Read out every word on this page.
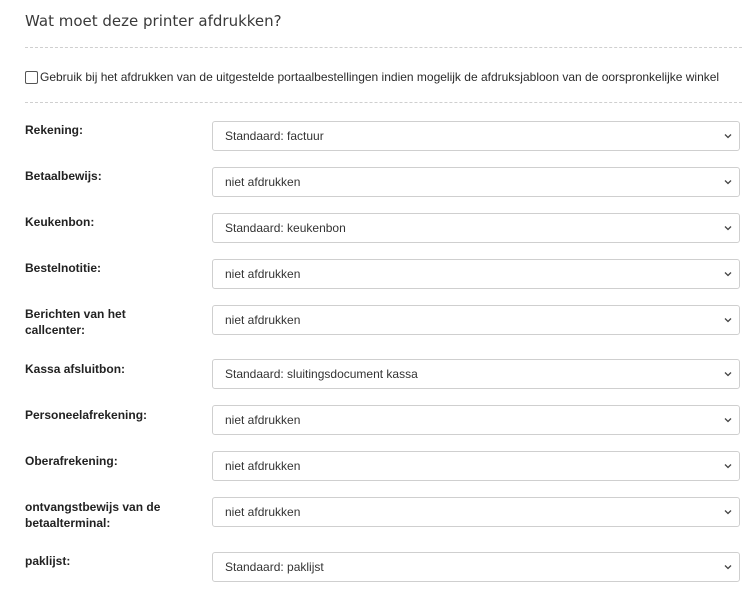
Wat moet deze printer afdrukken?
Gebruik bij het afdrukken van de uitgestelde portaalbestellingen indien mogelijk de afdruksjabloon van de oorspronkelijke winkel
Rekening:	Standaard: factuur
Betaalbewijs:	niet afdrukken
Keukenbon:	Standaard: keukenbon
Bestelnotitie:	niet afdrukken
Berichten van het callcenter:
niet afdrukken
Kassa afsluitbon:	Standaard: sluitingsdocument kassa
Personeelafrekening:	niet afdrukken
Oberafrekening:	niet afdrukken
ontvangstbewijs van de betaalterminal:
niet afdrukken
paklijst:	Standaard: paklijst
